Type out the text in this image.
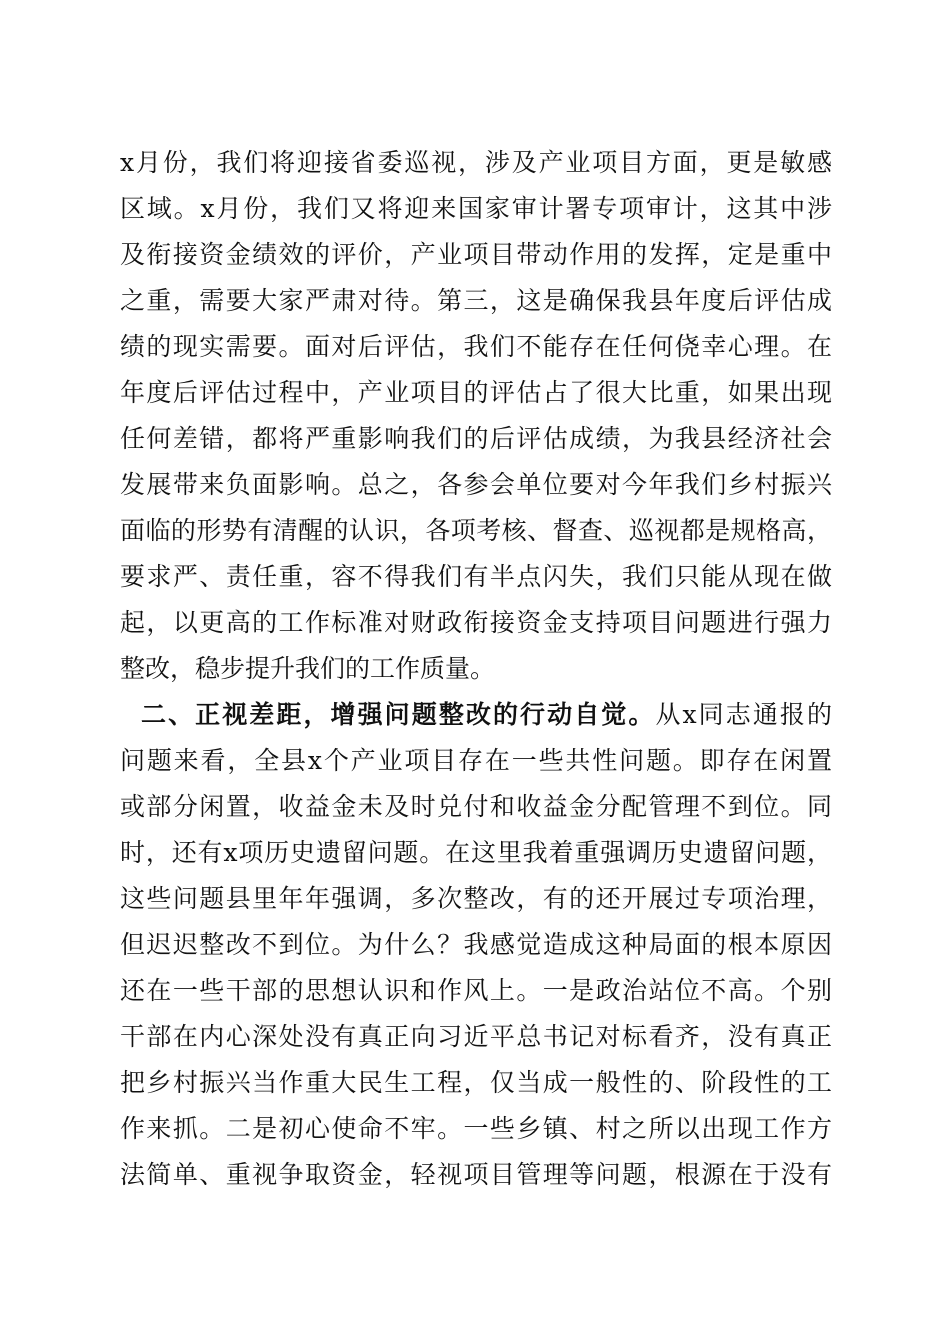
x月份，我们将迎接省委巡视，涉及产业项目方面，更是敏感
区域。x月份，我们又将迎来国家审计署专项审计，这其中涉
及衔接资金绩效的评价，产业项目带动作用的发挥，定是重中
之重，需要大家严肃对待。第三，这是确保我县年度后评估成
绩的现实需要。面对后评估，我们不能存在任何侥幸心理。在
年度后评估过程中，产业项目的评估占了很大比重，如果出现
任何差错，都将严重影响我们的后评估成绩，为我县经济社会
发展带来负面影响。总之，各参会单位要对今年我们乡村振兴
面临的形势有清醒的认识，各项考核、督查、巡视都是规格高，
要求严、责任重，容不得我们有半点闪失，我们只能从现在做
起，以更高的工作标准对财政衔接资金支持项目问题进行强力
整改，稳步提升我们的工作质量。
二、正视差距，增强问题整改的行动自觉。从x同志通报的
问题来看，全县x个产业项目存在一些共性问题。即存在闲置
或部分闲置，收益金未及时兑付和收益金分配管理不到位。同
时，还有x项历史遗留问题。在这里我着重强调历史遗留问题，
这些问题县里年年强调，多次整改，有的还开展过专项治理，
但迟迟整改不到位。为什么？我感觉造成这种局面的根本原因
还在一些干部的思想认识和作风上。一是政治站位不高。个别
干部在内心深处没有真正向习近平总书记对标看齐，没有真正
把乡村振兴当作重大民生工程，仅当成一般性的、阶段性的工
作来抓。二是初心使命不牢。一些乡镇、村之所以出现工作方
法简单、重视争取资金，轻视项目管理等问题，根源在于没有
